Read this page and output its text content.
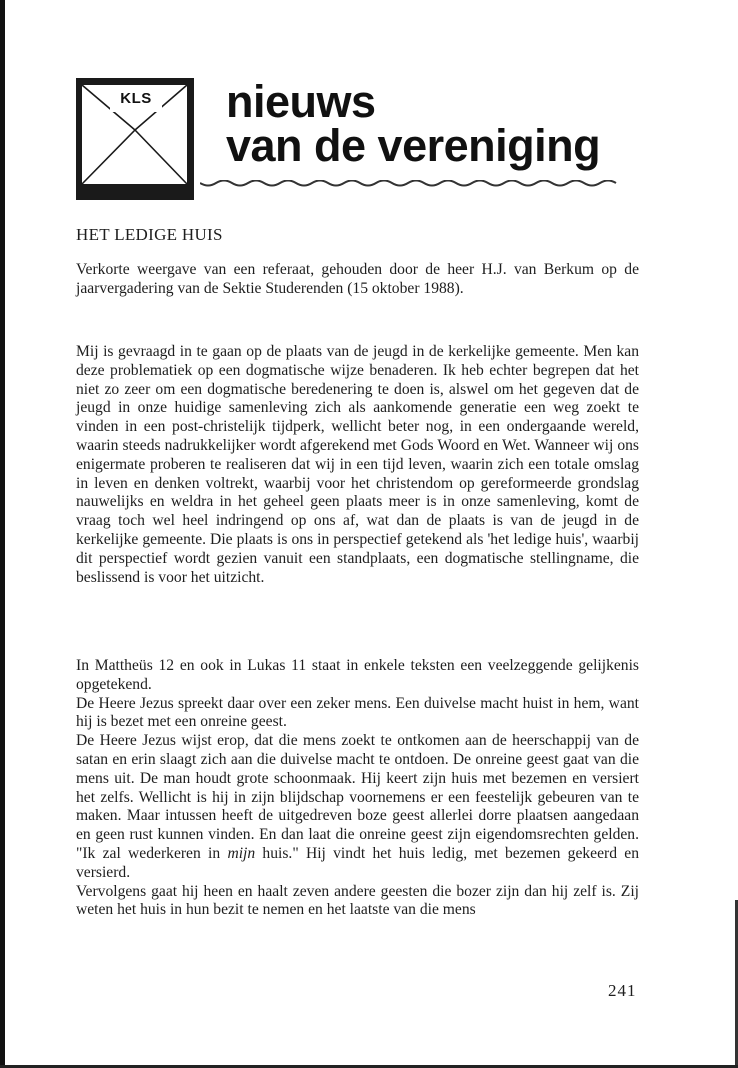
KLS nieuws
van de vereniging
HET LEDIGE HUIS
Verkorte weergave van een referaat, gehouden door de heer H.J. van Berkum op de jaarvergadering van de Sektie Studerenden (15 oktober 1988).
Mij is gevraagd in te gaan op de plaats van de jeugd in de kerkelijke gemeente. Men kan deze problematiek op een dogmatische wijze benaderen. Ik heb echter begrepen dat het niet zo zeer om een dogmatische beredenering te doen is, alswel om het gegeven dat de jeugd in onze huidige samenleving zich als aankomende generatie een weg zoekt te vinden in een post-christelijk tijdperk, wellicht beter nog, in een ondergaande wereld, waarin steeds nadrukkelijker wordt afgerekend met Gods Woord en Wet. Wanneer wij ons enigermate proberen te realiseren dat wij in een tijd leven, waarin zich een totale omslag in leven en denken voltrekt, waarbij voor het christendom op gereformeerde grondslag nauwelijks en weldra in het geheel geen plaats meer is in onze samenleving, komt de vraag toch wel heel indringend op ons af, wat dan de plaats is van de jeugd in de kerkelijke gemeente. Die plaats is ons in perspectief getekend als 'het ledige huis', waarbij dit perspectief wordt gezien vanuit een standplaats, een dogmatische stellingname, die beslissend is voor het uitzicht.

In Mattheüs 12 en ook in Lukas 11 staat in enkele teksten een veelzeggende gelijkenis opgetekend.

De Heere Jezus spreekt daar over een zeker mens. Een duivelse macht huist in hem, want hij is bezet met een onreine geest.

De Heere Jezus wijst erop, dat die mens zoekt te ontkomen aan de heerschappij van de satan en erin slaagt zich aan die duivelse macht te ontdoen. De onreine geest gaat van die mens uit. De man houdt grote schoonmaak. Hij keert zijn huis met bezemen en versiert het zelfs. Wellicht is hij in zijn blijdschap voornemens er een feestelijk gebeuren van te maken. Maar intussen heeft de uitgedreven boze geest allerlei dorre plaatsen aangedaan en geen rust kunnen vinden. En dan laat die onreine geest zijn eigendomsrechten gelden. "Ik zal wederkeren in mijn huis." Hij vindt het huis ledig, met bezemen gekeerd en versierd.

Vervolgens gaat hij heen en haalt zeven andere geesten die bozer zijn dan hij zelf is. Zij weten het huis in hun bezit te nemen en het laatste van die mens

241
